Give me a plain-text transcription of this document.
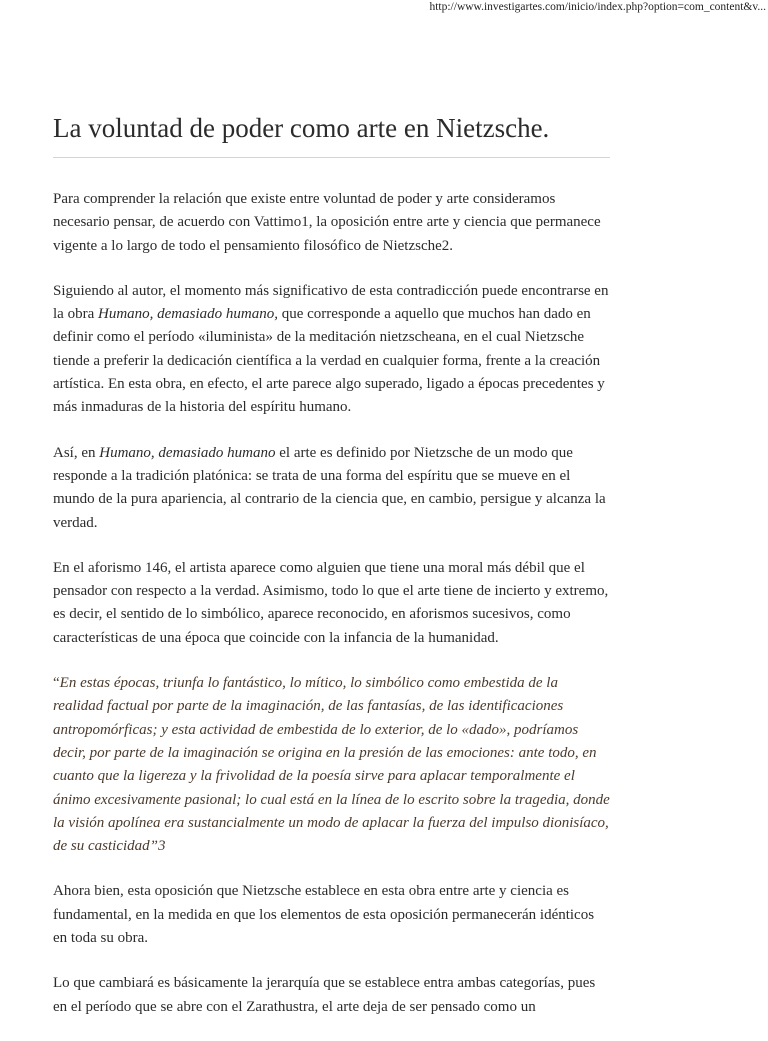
http://www.investigartes.com/inicio/index.php?option=com_content&v...
La voluntad de poder como arte en Nietzsche.

Para comprender la relación que existe entre voluntad de poder y arte consideramos necesario pensar, de acuerdo con Vattimo1, la oposición entre arte y ciencia que permanece vigente a lo largo de todo el pensamiento filosófico de Nietzsche2.

Siguiendo al autor, el momento más significativo de esta contradicción puede encontrarse en la obra Humano, demasiado humano, que corresponde a aquello que muchos han dado en definir como el período «iluminista» de la meditación nietzscheana, en el cual Nietzsche tiende a preferir la dedicación científica a la verdad en cualquier forma, frente a la creación artística. En esta obra, en efecto, el arte parece algo superado, ligado a épocas precedentes y más inmaduras de la historia del espíritu humano.

Así, en Humano, demasiado humano el arte es definido por Nietzsche de un modo que responde a la tradición platónica: se trata de una forma del espíritu que se mueve en el mundo de la pura apariencia, al contrario de la ciencia que, en cambio, persigue y alcanza la verdad.

En el aforismo 146, el artista aparece como alguien que tiene una moral más débil que el pensador con respecto a la verdad. Asimismo, todo lo que el arte tiene de incierto y extremo, es decir, el sentido de lo simbólico, aparece reconocido, en aforismos sucesivos, como características de una época que coincide con la infancia de la humanidad.

“En estas épocas, triunfa lo fantástico, lo mítico, lo simbólico como embestida de la realidad factual por parte de la imaginación, de las fantasías, de las identificaciones antropomórficas; y esta actividad de embestida de lo exterior, de lo «dado», podríamos decir, por parte de la imaginación se origina en la presión de las emociones: ante todo, en cuanto que la ligereza y la frivolidad de la poesía sirve para aplacar temporalmente el ánimo excesivamente pasional; lo cual está en la línea de lo escrito sobre la tragedia, donde la visión apolínea era sustancialmente un modo de aplacar la fuerza del impulso dionisíaco, de su casticidad”3

Ahora bien, esta oposición que Nietzsche establece en esta obra entre arte y ciencia es fundamental, en la medida en que los elementos de esta oposición permanecerán idénticos en toda su obra.

Lo que cambiará es básicamente la jerarquía que se establece entra ambas categorías, pues en el período que se abre con el Zarathustra, el arte deja de ser pensado como un
